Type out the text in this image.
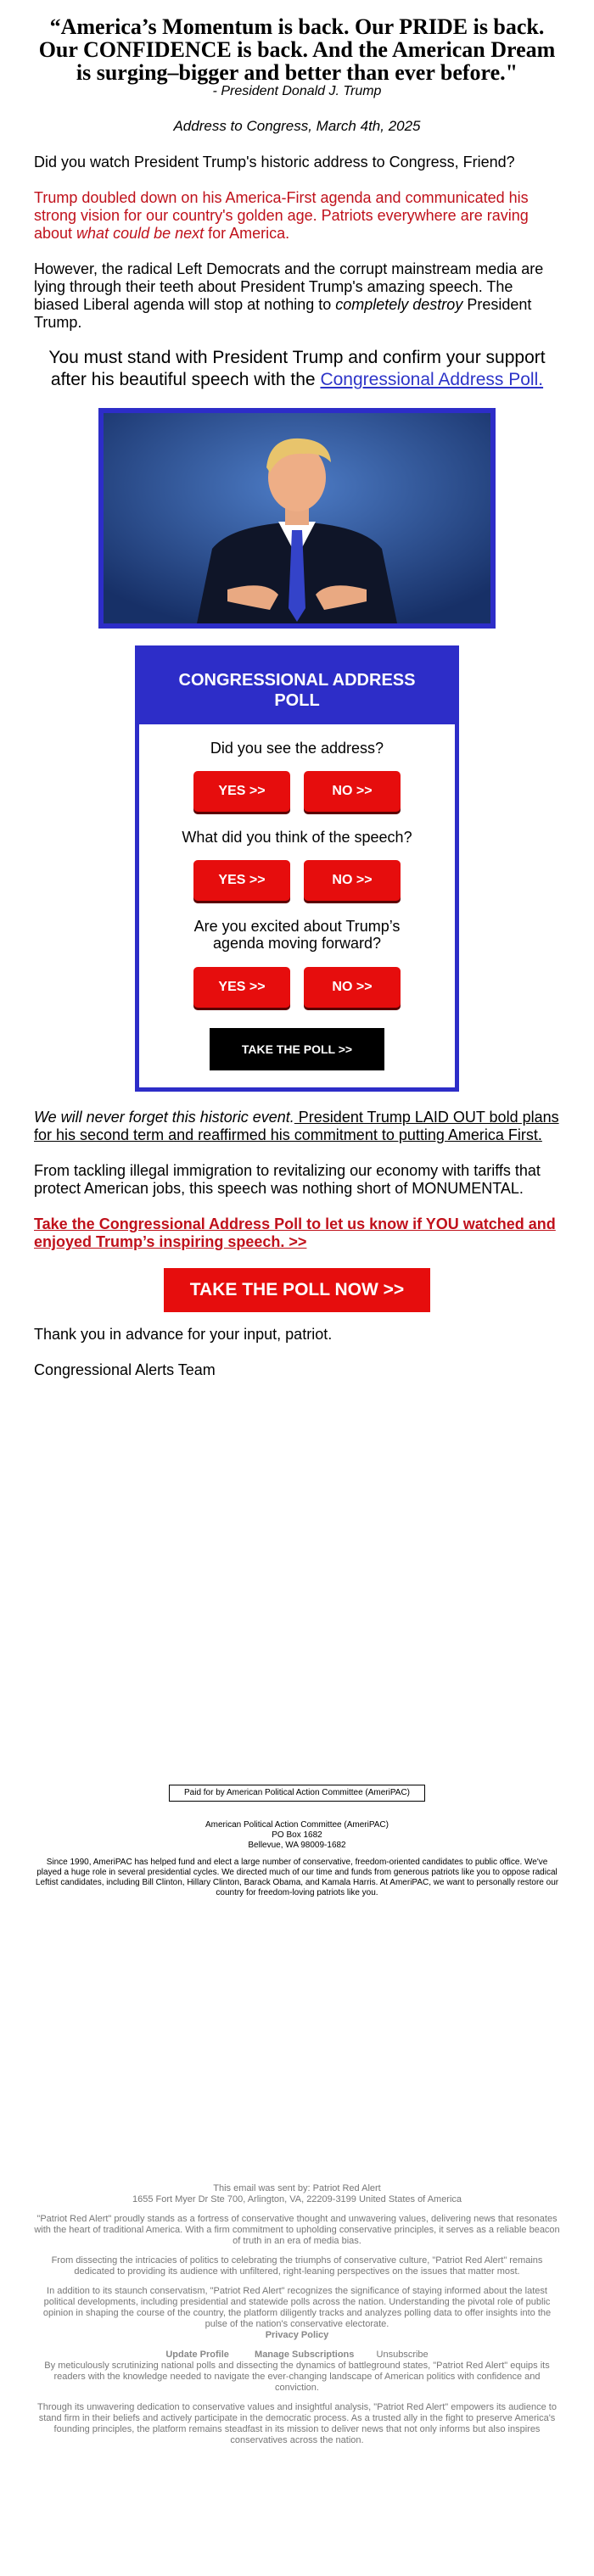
“America’s Momentum is back. Our PRIDE is back. Our CONFIDENCE is back. And the American Dream is surging–bigger and better than ever before."
- President Donald J. Trump
Address to Congress, March 4th, 2025

Did you watch President Trump's historic address to Congress, Friend?

Trump doubled down on his America-First agenda and communicated his strong vision for our country's golden age. Patriots everywhere are raving about what could be next for America.

However, the radical Left Democrats and the corrupt mainstream media are lying through their teeth about President Trump's amazing speech. The biased Liberal agenda will stop at nothing to completely destroy President Trump.

You must stand with President Trump and confirm your support after his beautiful speech with the Congressional Address Poll.

CONGRESSIONAL ADDRESS POLL
Did you see the address?
YES >>	NO >>
What did you think of the speech?
YES >>	NO >>
Are you excited about Trump’s agenda moving forward?
YES >>	NO >>
TAKE THE POLL >>

We will never forget this historic event. President Trump LAID OUT bold plans for his second term and reaffirmed his commitment to putting America First.

From tackling illegal immigration to revitalizing our economy with tariffs that protect American jobs, this speech was nothing short of MONUMENTAL.

Take the Congressional Address Poll to let us know if YOU watched and enjoyed Trump’s inspiring speech. >>

TAKE THE POLL NOW >>

Thank you in advance for your input, patriot.

Congressional Alerts Team

Paid for by American Political Action Committee (AmeriPAC)
American Political Action Committee (AmeriPAC)
PO Box 1682
Bellevue, WA 98009-1682
Since 1990, AmeriPAC has helped fund and elect a large number of conservative, freedom-oriented candidates to public office. We've played a huge role in several presidential cycles. We directed much of our time and funds from generous patriots like you to oppose radical Leftist candidates, including Bill Clinton, Hillary Clinton, Barack Obama, and Kamala Harris. At AmeriPAC, we want to personally restore our country for freedom-loving patriots like you.
This email was sent by: Patriot Red Alert
1655 Fort Myer Dr Ste 700, Arlington, VA, 22209-3199 United States of America
"Patriot Red Alert" proudly stands as a fortress of conservative thought and unwavering values, delivering news that resonates with the heart of traditional America. With a firm commitment to upholding conservative principles, it serves as a reliable beacon of truth in an era of media bias.
From dissecting the intricacies of politics to celebrating the triumphs of conservative culture, "Patriot Red Alert" remains dedicated to providing its audience with unfiltered, right-leaning perspectives on the issues that matter most.
In addition to its staunch conservatism, "Patriot Red Alert" recognizes the significance of staying informed about the latest political developments, including presidential and statewide polls across the nation. Understanding the pivotal role of public opinion in shaping the course of the country, the platform diligently tracks and analyzes polling data to offer insights into the pulse of the nation's conservative electorate.
Privacy Policy
Update Profile	Manage Subscriptions Unsubscribe
By meticulously scrutinizing national polls and dissecting the dynamics of battleground states, "Patriot Red Alert" equips its readers with the knowledge needed to navigate the ever-changing landscape of American politics with confidence and conviction.
Through its unwavering dedication to conservative values and insightful analysis, "Patriot Red Alert" empowers its audience to stand firm in their beliefs and actively participate in the democratic process. As a trusted ally in the fight to preserve America's founding principles, the platform remains steadfast in its mission to deliver news that not only informs but also inspires conservatives across the nation.
